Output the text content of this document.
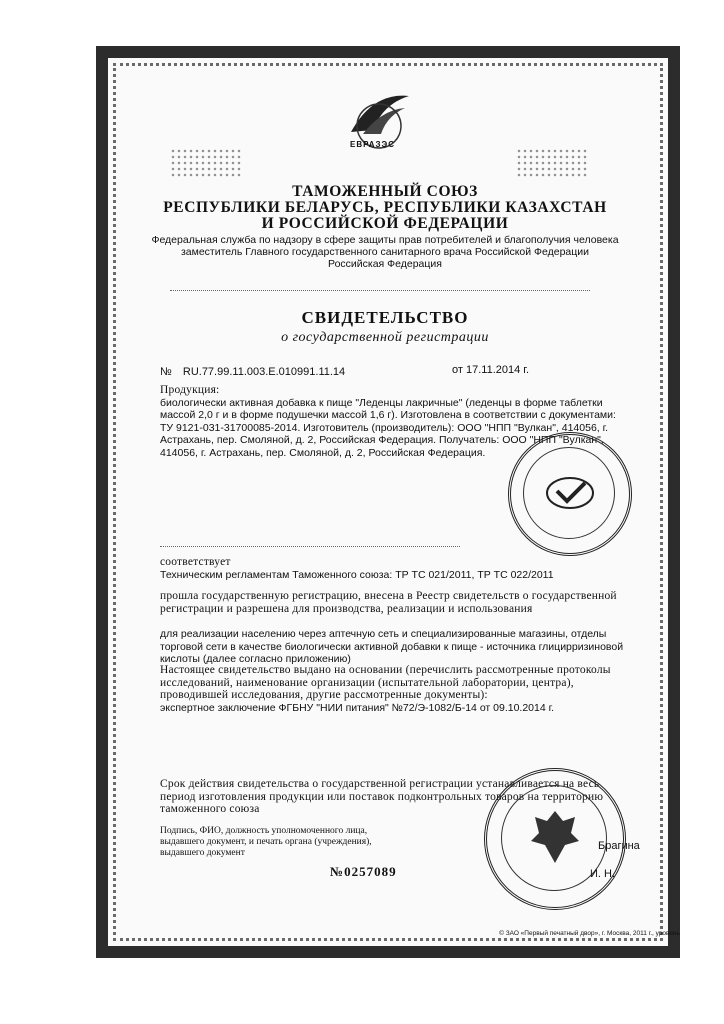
ЕВРАЗЭС
ТАМОЖЕННЫЙ СОЮЗ
РЕСПУБЛИКИ БЕЛАРУСЬ, РЕСПУБЛИКИ КАЗАХСТАН
И РОССИЙСКОЙ ФЕДЕРАЦИИ
Федеральная служба по надзору в сфере защиты прав потребителей и благополучия человека
заместитель Главного государственного санитарного врача Российской Федерации
Российская Федерация
СВИДЕТЕЛЬСТВО
о государственной регистрации
№ RU.77.99.11.003.E.010991.11.14	от 17.11.2014 г.
Продукция:
биологически активная добавка к пище "Леденцы лакричные" (леденцы в форме таблетки массой 2,0 г и в форме подушечки массой 1,6 г). Изготовлена в соответствии с документами: ТУ 9121-031-31700085-2014. Изготовитель (производитель): ООО "НПП "Вулкан", 414056, г. Астрахань, пер. Смоляной, д. 2, Российская Федерация. Получатель: ООО "НПП "Вулкан", 414056, г. Астрахань, пер. Смоляной, д. 2, Российская Федерация.
соответствует
Техническим регламентам Таможенного союза: ТР ТС 021/2011, ТР ТС 022/2011
прошла государственную регистрацию, внесена в Реестр свидетельств о государственной регистрации и разрешена для производства, реализации и использования
для реализации населению через аптечную сеть и специализированные магазины, отделы торговой сети в качестве биологически активной добавки к пище - источника глицирризиновой кислоты (далее согласно приложению)
Настоящее свидетельство выдано на основании (перечислить рассмотренные протоколы исследований, наименование организации (испытательной лаборатории, центра), проводившей исследования, другие рассмотренные документы):
экспертное заключение ФГБНУ "НИИ питания" №72/Э-1082/Б-14 от 09.10.2014 г.
Срок действия свидетельства о государственной регистрации устанавливается на весь период изготовления продукции или поставок подконтрольных товаров на территорию таможенного союза
Подпись, ФИО, должность уполномоченного лица, выдавшего документ, и печать органа (учреждения), выдавшего документ
Брагина
И. Н.
№0257089
© ЗАО «Первый печатный двор», г. Москва, 2011 г., уровень
